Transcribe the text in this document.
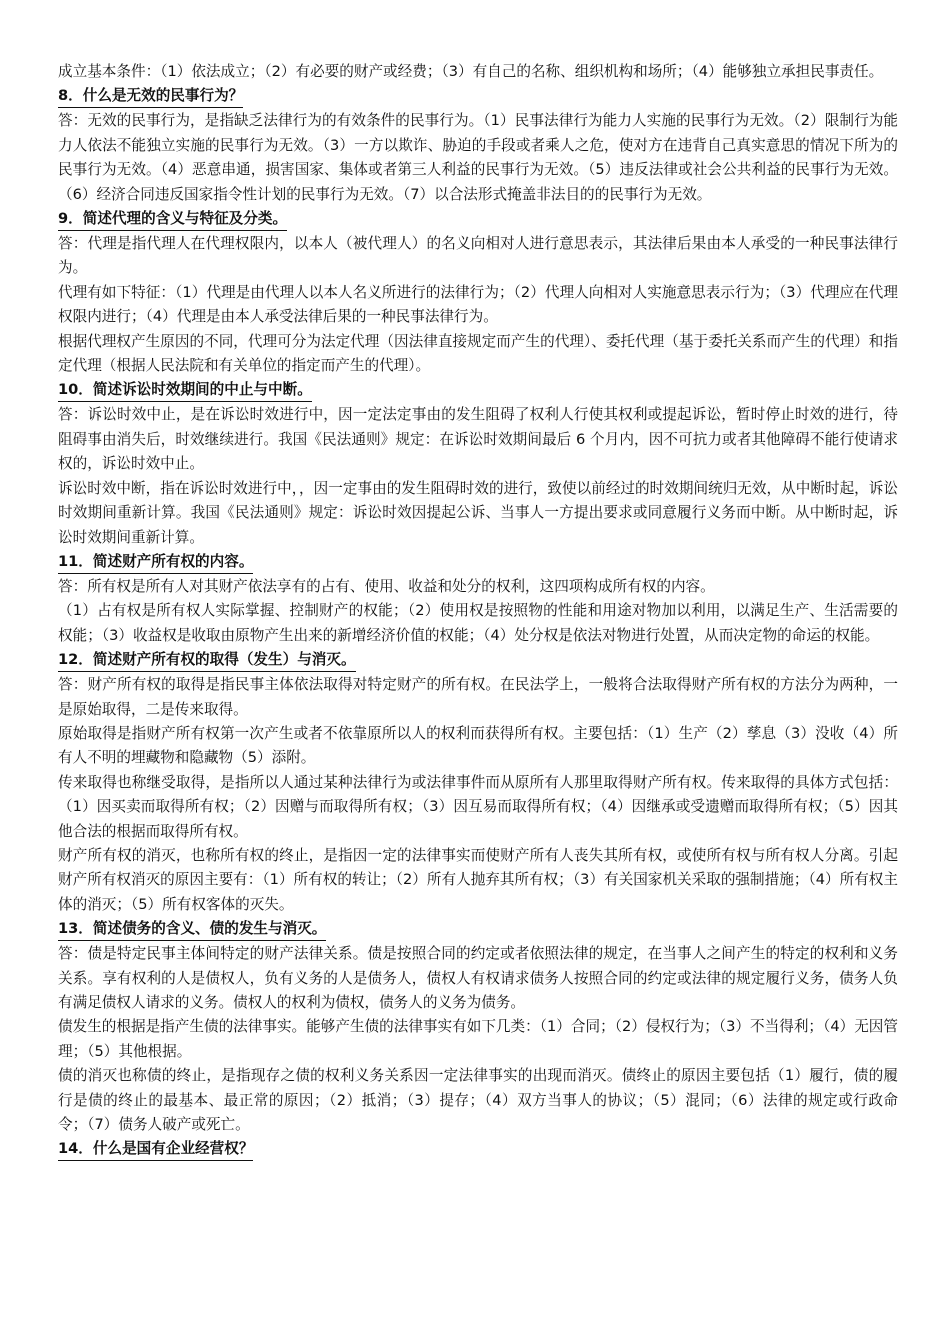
成立基本条件：（1）依法成立；（2）有必要的财产或经费；（3）有自己的名称、组织机构和场所；（4）能够独立承担民事责任。

8．什么是无效的民事行为？

答：无效的民事行为，是指缺乏法律行为的有效条件的民事行为。（1）民事法律行为能力人实施的民事行为无效。（2）限制行为能力人依法不能独立实施的民事行为无效。（3）一方以欺诈、胁迫的手段或者乘人之危，使对方在违背自己真实意思的情况下所为的民事行为无效。（4）恶意串通，损害国家、集体或者第三人利益的民事行为无效。（5）违反法律或社会公共利益的民事行为无效。（6）经济合同违反国家指令性计划的民事行为无效。（7）以合法形式掩盖非法目的的民事行为无效。

9．简述代理的含义与特征及分类。

答：代理是指代理人在代理权限内，以本人（被代理人）的名义向相对人进行意思表示，其法律后果由本人承受的一种民事法律行为。

代理有如下特征：（1）代理是由代理人以本人名义所进行的法律行为；（2）代理人向相对人实施意思表示行为；（3）代理应在代理权限内进行；（4）代理是由本人承受法律后果的一种民事法律行为。

根据代理权产生原因的不同，代理可分为法定代理（因法律直接规定而产生的代理）、委托代理（基于委托关系而产生的代理）和指定代理（根据人民法院和有关单位的指定而产生的代理）。

10．简述诉讼时效期间的中止与中断。

答：诉讼时效中止，是在诉讼时效进行中，因一定法定事由的发生阻碍了权利人行使其权利或提起诉讼，暂时停止时效的进行，待阻碍事由消失后，时效继续进行。我国《民法通则》规定：在诉讼时效期间最后 6 个月内，因不可抗力或者其他障碍不能行使请求权的，诉讼时效中止。

诉讼时效中断，指在诉讼时效进行中，，因一定事由的发生阻碍时效的进行，致使以前经过的时效期间统归无效，从中断时起，诉讼时效期间重新计算。我国《民法通则》规定：诉讼时效因提起公诉、当事人一方提出要求或同意履行义务而中断。从中断时起，诉讼时效期间重新计算。

11．简述财产所有权的内容。

答：所有权是所有人对其财产依法享有的占有、使用、收益和处分的权利，这四项构成所有权的内容。

（1）占有权是所有权人实际掌握、控制财产的权能；（2）使用权是按照物的性能和用途对物加以利用，以满足生产、生活需要的权能；（3）收益权是收取由原物产生出来的新增经济价值的权能；（4）处分权是依法对物进行处置，从而决定物的命运的权能。

12．简述财产所有权的取得（发生）与消灭。

答：财产所有权的取得是指民事主体依法取得对特定财产的所有权。在民法学上，一般将合法取得财产所有权的方法分为两种，一是原始取得，二是传来取得。

原始取得是指财产所有权第一次产生或者不依靠原所以人的权利而获得所有权。主要包括：（1）生产（2）孳息（3）没收（4）所有人不明的埋藏物和隐藏物（5）添附。

传来取得也称继受取得，是指所以人通过某种法律行为或法律事件而从原所有人那里取得财产所有权。传来取得的具体方式包括：（1）因买卖而取得所有权；（2）因赠与而取得所有权；（3）因互易而取得所有权；（4）因继承或受遗赠而取得所有权；（5）因其他合法的根据而取得所有权。

财产所有权的消灭，也称所有权的终止，是指因一定的法律事实而使财产所有人丧失其所有权，或使所有权与所有权人分离。引起财产所有权消灭的原因主要有：（1）所有权的转让；（2）所有人抛弃其所有权；（3）有关国家机关采取的强制措施；（4）所有权主体的消灭；（5）所有权客体的灭失。

13．简述债务的含义、债的发生与消灭。

答：债是特定民事主体间特定的财产法律关系。债是按照合同的约定或者依照法律的规定，在当事人之间产生的特定的权利和义务关系。享有权利的人是债权人，负有义务的人是债务人，债权人有权请求债务人按照合同的约定或法律的规定履行义务，债务人负有满足债权人请求的义务。债权人的权利为债权，债务人的义务为债务。

债发生的根据是指产生债的法律事实。能够产生债的法律事实有如下几类：（1）合同；（2）侵权行为；（3）不当得利；（4）无因管理；（5）其他根据。

债的消灭也称债的终止，是指现存之债的权利义务关系因一定法律事实的出现而消灭。债终止的原因主要包括（1）履行，债的履行是债的终止的最基本、最正常的原因；（2）抵消；（3）提存；（4）双方当事人的协议；（5）混同；（6）法律的规定或行政命令；（7）债务人破产或死亡。

14．什么是国有企业经营权？
